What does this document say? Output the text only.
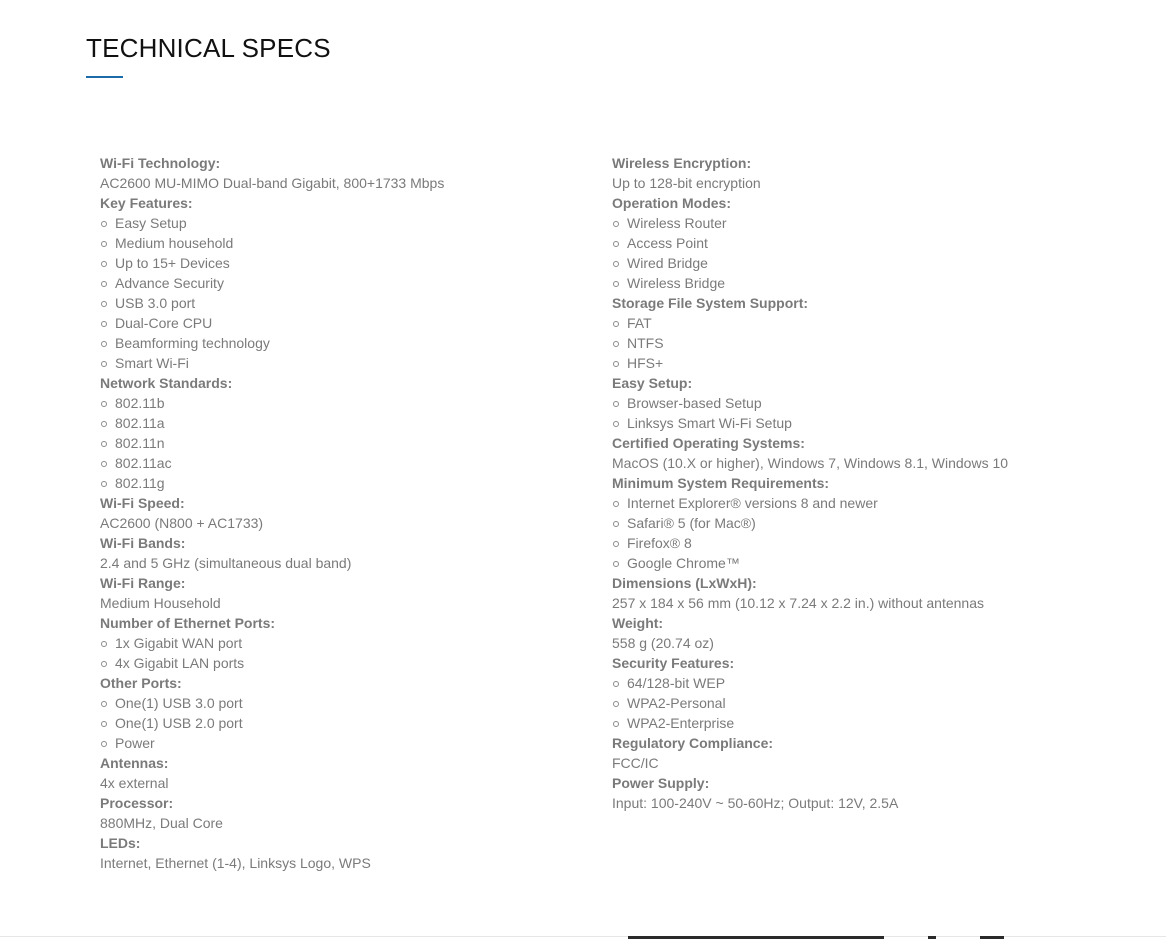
TECHNICAL SPECS
Wi-Fi Technology:
AC2600 MU-MIMO Dual-band Gigabit, 800+1733 Mbps
Key Features:
Easy Setup
Medium household
Up to 15+ Devices
Advance Security
USB 3.0 port
Dual-Core CPU
Beamforming technology
Smart Wi-Fi
Network Standards:
802.11b
802.11a
802.11n
802.11ac
802.11g
Wi-Fi Speed:
AC2600 (N800 + AC1733)
Wi-Fi Bands:
2.4 and 5 GHz (simultaneous dual band)
Wi-Fi Range:
Medium Household
Number of Ethernet Ports:
1x Gigabit WAN port
4x Gigabit LAN ports
Other Ports:
One(1) USB 3.0 port
One(1) USB 2.0 port
Power
Antennas:
4x external
Processor:
880MHz, Dual Core
LEDs:
Internet, Ethernet (1-4), Linksys Logo, WPS
Wireless Encryption:
Up to 128-bit encryption
Operation Modes:
Wireless Router
Access Point
Wired Bridge
Wireless Bridge
Storage File System Support:
FAT
NTFS
HFS+
Easy Setup:
Browser-based Setup
Linksys Smart Wi-Fi Setup
Certified Operating Systems:
MacOS (10.X or higher), Windows 7, Windows 8.1, Windows 10
Minimum System Requirements:
Internet Explorer® versions 8 and newer
Safari® 5 (for Mac®)
Firefox® 8
Google Chrome™
Dimensions (LxWxH):
257 x 184 x 56 mm (10.12 x 7.24 x 2.2 in.) without antennas
Weight:
558 g (20.74 oz)
Security Features:
64/128-bit WEP
WPA2-Personal
WPA2-Enterprise
Regulatory Compliance:
FCC/IC
Power Supply:
Input: 100-240V ~ 50-60Hz; Output: 12V, 2.5A
